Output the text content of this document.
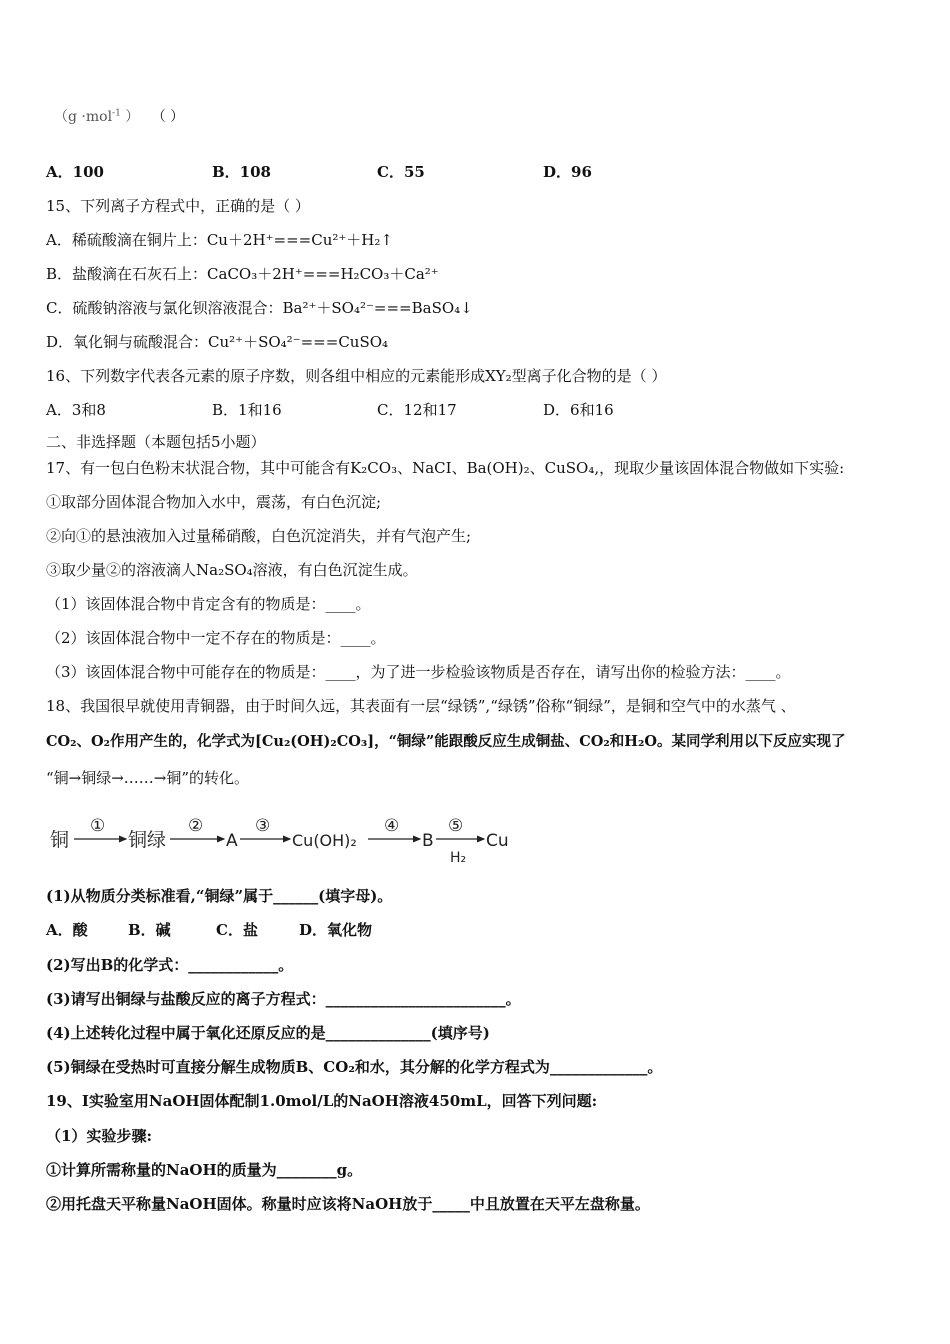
（g ·mol$^{-1}$ ） （ ）
A．100	B．108	C．55	D．96
15、下列离子方程式中，正确的是（ ）
A．稀硫酸滴在铜片上：Cu＋2H⁺===Cu²⁺＋H₂↑
B．盐酸滴在石灰石上：CaCO₃＋2H⁺===H₂CO₃＋Ca²⁺
C．硫酸钠溶液与氯化钡溶液混合：Ba²⁺＋SO₄²⁻===BaSO₄↓
D．氧化铜与硫酸混合：Cu²⁺＋SO₄²⁻===CuSO₄
16、下列数字代表各元素的原子序数，则各组中相应的元素能形成XY₂型离子化合物的是（ ）
A．3和8	B．1和16	C．12和17	D．6和16
二、非选择题（本题包括5小题）
17、有一包白色粉末状混合物，其中可能含有K₂CO₃、NaCI、Ba(OH)₂、CuSO₄,，现取少量该固体混合物做如下实验:
①取部分固体混合物加入水中，震荡，有白色沉淀;
②向①的悬浊液加入过量稀硝酸，白色沉淀消失，并有气泡产生;
③取少量②的溶液滴人Na₂SO₄溶液，有白色沉淀生成。
（1）该固体混合物中肯定含有的物质是：____。
（2）该固体混合物中一定不存在的物质是：____。
（3）该固体混合物中可能存在的物质是：____，为了进一步检验该物质是否存在，请写出你的检验方法：____。
18、我国很早就使用青铜器，由于时间久远，其表面有一层“绿锈”,“绿锈”俗称“铜绿”，是铜和空气中的水蒸气 、
CO₂、O₂作用产生的，化学式为[Cu₂(OH)₂CO₃]，“铜绿”能跟酸反应生成铜盐、CO₂和H₂O。某同学利用以下反应实现了
“铜→铜绿→……→铜”的转化。
铜
①
铜绿
②
A
③
Cu(OH)₂
④
B
⑤
H₂
Cu
(1)从物质分类标准看,“铜绿”属于______(填字母)。
A．酸	B．碱	C．盐	D．氧化物
(2)写出B的化学式：____________。
(3)请写出铜绿与盐酸反应的离子方程式：________________________。
(4)上述转化过程中属于氧化还原反应的是______________(填序号)
(5)铜绿在受热时可直接分解生成物质B、CO₂和水，其分解的化学方程式为_____________。
19、I实验室用NaOH固体配制1.0mol/L的NaOH溶液450mL，回答下列问题:
（1）实验步骤:
①计算所需称量的NaOH的质量为________g。
②用托盘天平称量NaOH固体。称量时应该将NaOH放于_____中且放置在天平左盘称量。
